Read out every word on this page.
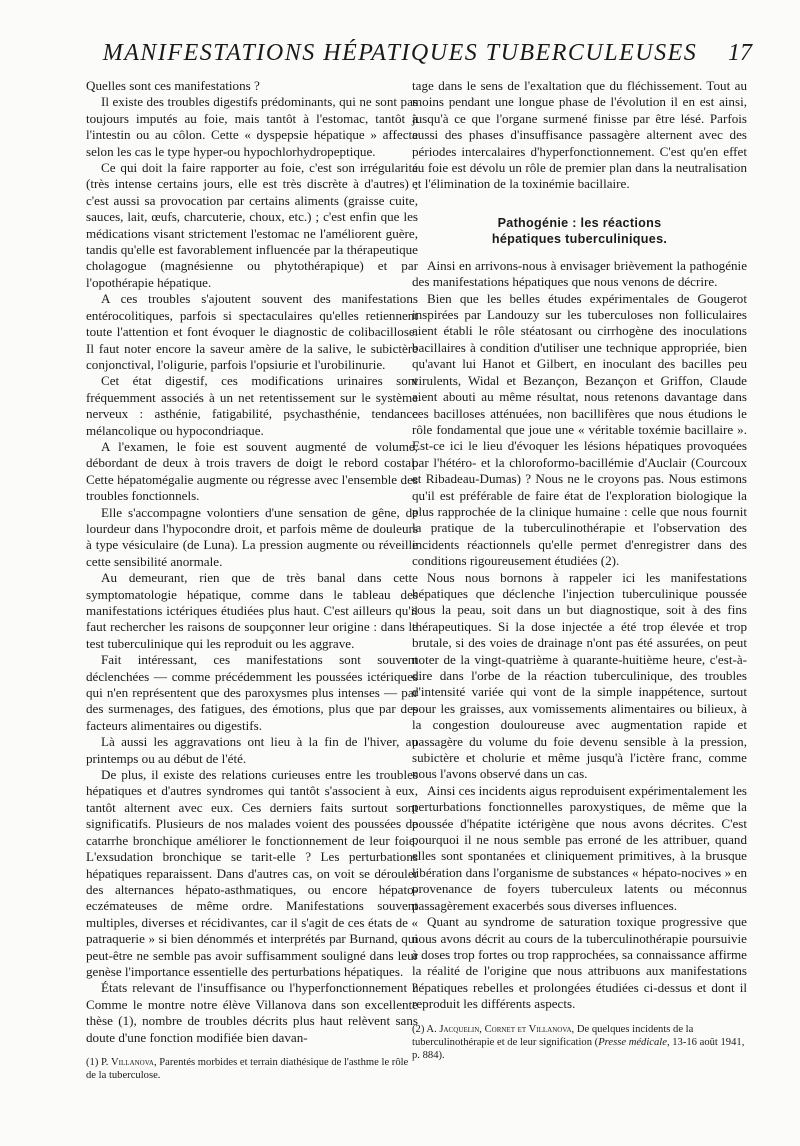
MANIFESTATIONS HÉPATIQUES TUBERCULEUSES	17

Quelles sont ces manifestations ?

Il existe des troubles digestifs prédominants, qui ne sont pas toujours imputés au foie, mais tantôt à l'estomac, tantôt à l'intestin ou au côlon. Cette « dyspepsie hépatique » affecte selon les cas le type hyper-ou hypochlorhydropeptique.

Ce qui doit la faire rapporter au foie, c'est son irrégularité (très intense certains jours, elle est très discrète à d'autres) ; c'est aussi sa provocation par certains aliments (graisse cuite, sauces, lait, œufs, charcuterie, choux, etc.) ; c'est enfin que les médications visant strictement l'estomac ne l'améliorent guère, tandis qu'elle est favorablement influencée par la thérapeutique cholagogue (magnésienne ou phytothérapique) et par l'opothérapie hépatique.

A ces troubles s'ajoutent souvent des manifestations entérocolitiques, parfois si spectaculaires qu'elles retiennent toute l'attention et font évoquer le diagnostic de colibacillose. Il faut noter encore la saveur amère de la salive, le subictère conjonctival, l'oligurie, parfois l'opsiurie et l'urobilinurie.

Cet état digestif, ces modifications urinaires sont fréquemment associés à un net retentissement sur le système nerveux : asthénie, fatigabilité, psychasthénie, tendance mélancolique ou hypocondriaque.

A l'examen, le foie est souvent augmenté de volume, débordant de deux à trois travers de doigt le rebord costal. Cette hépatomégalie augmente ou régresse avec l'ensemble des troubles fonctionnels.

Elle s'accompagne volontiers d'une sensation de gêne, de lourdeur dans l'hypocondre droit, et parfois même de douleurs à type vésiculaire (de Luna). La pression augmente ou réveille cette sensibilité anormale.

Au demeurant, rien que de très banal dans cette symptomatologie hépatique, comme dans le tableau des manifestations ictériques étudiées plus haut. C'est ailleurs qu'il faut rechercher les raisons de soupçonner leur origine : dans le test tuberculinique qui les reproduit ou les aggrave.

Fait intéressant, ces manifestations sont souvent déclenchées — comme précédemment les poussées ictériques qui n'en représentent que des paroxysmes plus intenses — par des surmenages, des fatigues, des émotions, plus que par des facteurs alimentaires ou digestifs.

Là aussi les aggravations ont lieu à la fin de l'hiver, au printemps ou au début de l'été.

De plus, il existe des relations curieuses entre les troubles hépatiques et d'autres syndromes qui tantôt s'associent à eux, tantôt alternent avec eux. Ces derniers faits surtout sont significatifs. Plusieurs de nos malades voient des poussées de catarrhe bronchique améliorer le fonctionnement de leur foie. L'exsudation bronchique se tarit-elle ? Les perturbations hépatiques reparaissent. Dans d'autres cas, on voit se dérouler des alternances hépato-asthmatiques, ou encore hépato-eczémateuses de même ordre. Manifestations souvent multiples, diverses et récidivantes, car il s'agit de ces états de « patraquerie » si bien dénommés et interprétés par Burnand, qui peut-être ne semble pas avoir suffisamment souligné dans leur genèse l'importance essentielle des perturbations hépatiques.

États relevant de l'insuffisance ou l'hyperfonctionnement ? Comme le montre notre élève Villanova dans son excellente thèse (1), nombre de troubles décrits plus haut relèvent sans doute d'une fonction modifiée bien davan-

(1) P. Villanova, Parentés morbides et terrain diathésique de l'asthme le rôle de la tuberculose.

tage dans le sens de l'exaltation que du fléchissement. Tout au moins pendant une longue phase de l'évolution il en est ainsi, jusqu'à ce que l'organe surmené finisse par être lésé. Parfois aussi des phases d'insuffisance passagère alternent avec des périodes intercalaires d'hyperfonctionnement. C'est qu'en effet au foie est dévolu un rôle de premier plan dans la neutralisation et l'élimination de la toxinémie bacillaire.

Pathogénie : les réactions
hépatiques tuberculiniques.

Ainsi en arrivons-nous à envisager brièvement la pathogénie des manifestations hépatiques que nous venons de décrire.

Bien que les belles études expérimentales de Gougerot inspirées par Landouzy sur les tuberculoses non folliculaires aient établi le rôle stéatosant ou cirrhogène des inoculations bacillaires à condition d'utiliser une technique appropriée, bien qu'avant lui Hanot et Gilbert, en inoculant des bacilles peu virulents, Widal et Bezançon, Bezançon et Griffon, Claude aient abouti au même résultat, nous retenons davantage dans ces bacilloses atténuées, non bacillifères que nous étudions le rôle fondamental que joue une « véritable toxémie bacillaire ». Est-ce ici le lieu d'évoquer les lésions hépatiques provoquées par l'hétéro- et la chloroformo-bacillémie d'Auclair (Courcoux et Ribadeau-Dumas) ? Nous ne le croyons pas. Nous estimons qu'il est préférable de faire état de l'exploration biologique la plus rapprochée de la clinique humaine : celle que nous fournit la pratique de la tuberculinothérapie et l'observation des incidents réactionnels qu'elle permet d'enregistrer dans des conditions rigoureusement étudiées (2).

Nous nous bornons à rappeler ici les manifestations hépatiques que déclenche l'injection tuberculinique poussée sous la peau, soit dans un but diagnostique, soit à des fins thérapeutiques. Si la dose injectée a été trop élevée et trop brutale, si des voies de drainage n'ont pas été assurées, on peut noter de la vingt-quatrième à quarante-huitième heure, c'est-à-dire dans l'orbe de la réaction tuberculinique, des troubles d'intensité variée qui vont de la simple inappétence, surtout pour les graisses, aux vomissements alimentaires ou bilieux, à la congestion douloureuse avec augmentation rapide et passagère du volume du foie devenu sensible à la pression, subictère et cholurie et même jusqu'à l'ictère franc, comme nous l'avons observé dans un cas.

Ainsi ces incidents aigus reproduisent expérimentalement les perturbations fonctionnelles paroxystiques, de même que la poussée d'hépatite ictérigène que nous avons décrites. C'est pourquoi il ne nous semble pas erroné de les attribuer, quand elles sont spontanées et cliniquement primitives, à la brusque libération dans l'organisme de substances « hépato-nocives » en provenance de foyers tuberculeux latents ou méconnus passagèrement exacerbés sous diverses influences.

Quant au syndrome de saturation toxique progressive que nous avons décrit au cours de la tuberculinothérapie poursuivie à doses trop fortes ou trop rapprochées, sa connaissance affirme la réalité de l'origine que nous attribuons aux manifestations hépatiques rebelles et prolongées étudiées ci-dessus et dont il reproduit les différents aspects.

(2) A. Jacquelin, Cornet et Villanova, De quelques incidents de la tuberculinothérapie et de leur signification (Presse médicale, 13-16 août 1941, p. 884).
